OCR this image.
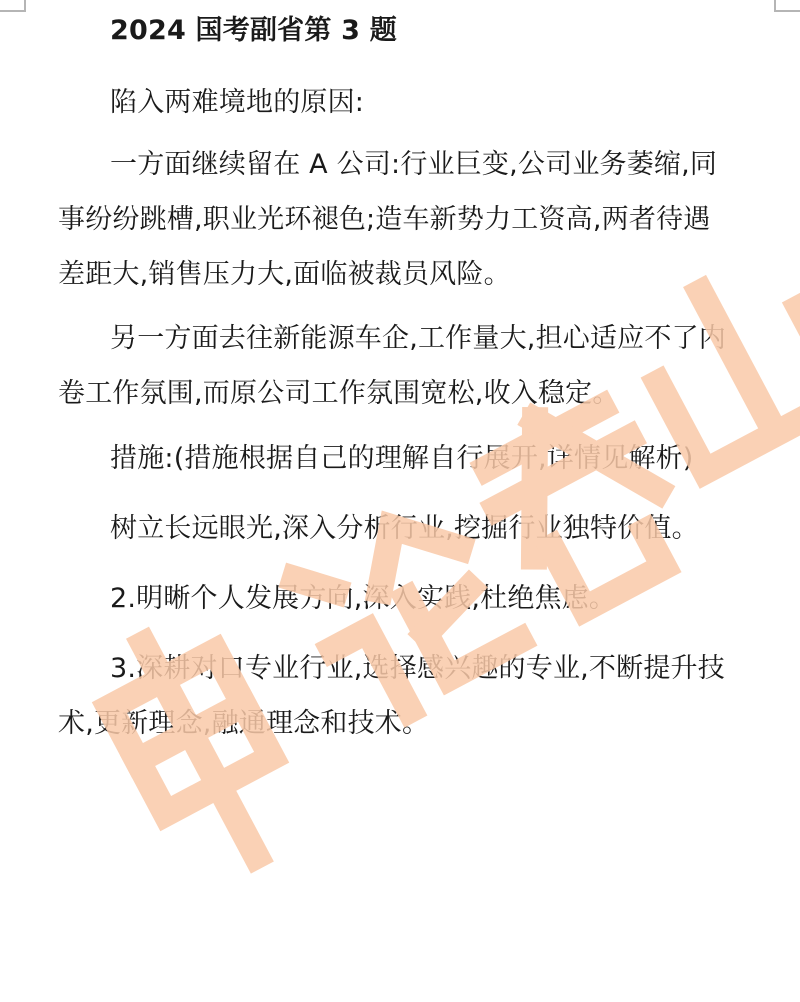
2024 国考副省第 3 题
陷入两难境地的原因:
一方面继续留在 A 公司:行业巨变,公司业务萎缩,同
事纷纷跳槽,职业光环褪色;造车新势力工资高,两者待遇
差距大,销售压力大,面临被裁员风险。
另一方面去往新能源车企,工作量大,担心适应不了内
卷工作氛围,而原公司工作氛围宽松,收入稳定。
措施:(措施根据自己的理解自行展开,详情见解析)
树立长远眼光,深入分析行业,挖掘行业独特价值。
2.明晰个人发展方向,深入实践,杜绝焦虑。
3.深耕对口专业行业,选择感兴趣的专业,不断提升技
术,更新理念,融通理念和技术。
